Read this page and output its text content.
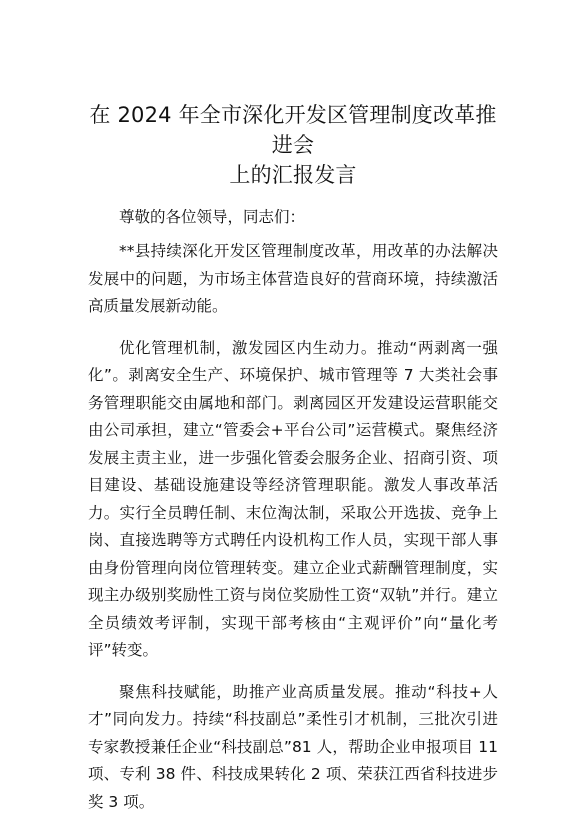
在 2024 年全市深化开发区管理制度改革推进会
上的汇报发言

尊敬的各位领导，同志们：

**县持续深化开发区管理制度改革，用改革的办法解决发展中的问题，为市场主体营造良好的营商环境，持续激活高质量发展新动能。

优化管理机制，激发园区内生动力。推动“两剥离一强化”。剥离安全生产、环境保护、城市管理等 7 大类社会事务管理职能交由属地和部门。剥离园区开发建设运营职能交由公司承担，建立“管委会+平台公司”运营模式。聚焦经济发展主责主业，进一步强化管委会服务企业、招商引资、项目建设、基础设施建设等经济管理职能。激发人事改革活力。实行全员聘任制、末位淘汰制，采取公开选拔、竞争上岗、直接选聘等方式聘任内设机构工作人员，实现干部人事由身份管理向岗位管理转变。建立企业式薪酬管理制度，实现主办级别奖励性工资与岗位奖励性工资“双轨”并行。建立全员绩效考评制，实现干部考核由“主观评价”向“量化考评”转变。

聚焦科技赋能，助推产业高质量发展。推动“科技+人才”同向发力。持续“科技副总”柔性引才机制，三批次引进专家教授兼任企业“科技副总”81 人，帮助企业申报项目 11 项、专利 38 件、科技成果转化 2 项、荣获江西省科技进步奖 3 项。
